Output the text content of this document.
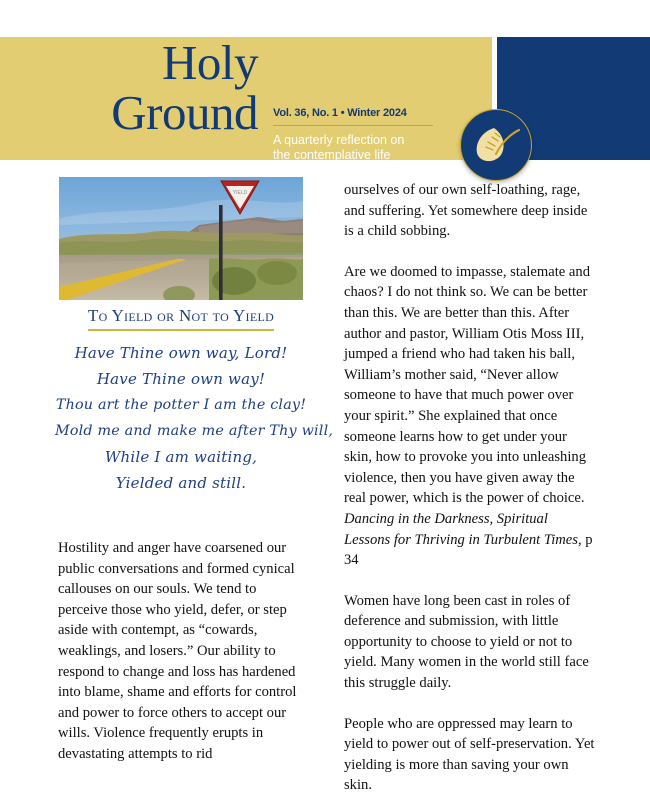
Holy
Ground Vol. 36, No. 1 • Winter 2024
A quarterly reflection on
the contemplative life
YIELD
To Yield or Not to Yield
Have Thine own way, Lord!
Have Thine own way!
Thou art the potter I am the clay!
Mold me and make me after Thy will,
While I am waiting,
Yielded and still.

Hostility and anger have coarsened our public conversations and formed cynical callouses on our souls. We tend to perceive those who yield, defer, or step aside with contempt, as “cowards, weaklings, and losers.” Our ability to respond to change and loss has hardened into blame, shame and efforts for control and power to force others to accept our wills. Violence frequently erupts in devastating attempts to rid

ourselves of our own self-loathing, rage, and suffering. Yet somewhere deep inside is a child sobbing.

Are we doomed to impasse, stalemate and chaos? I do not think so. We can be better than this. We are better than this. After author and pastor, William Otis Moss III, jumped a friend who had taken his ball, William’s mother said, “Never allow someone to have that much power over your spirit.” She explained that once someone learns how to get under your skin, how to provoke you into unleashing violence, then you have given away the real power, which is the power of choice. Dancing in the Darkness, Spiritual Lessons for Thriving in Turbulent Times, p 34

Women have long been cast in roles of deference and submission, with little opportunity to choose to yield or not to yield. Many women in the world still face this struggle daily.

People who are oppressed may learn to yield to power out of self-preservation. Yet yielding is more than saving your own skin.
